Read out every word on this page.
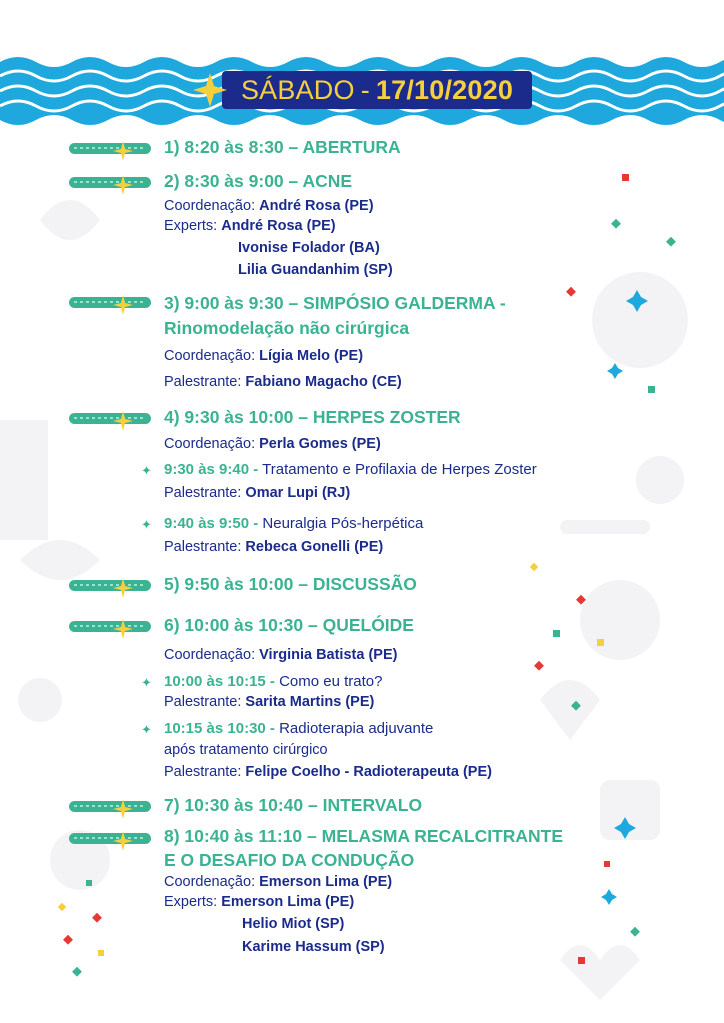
SÁBADO - 17/10/2020
1) 8:20 às 8:30 – ABERTURA
2) 8:30 às 9:00 – ACNE
Coordenação: André Rosa (PE)
Experts: André Rosa (PE)
Ivonise Folador (BA)
Lilia Guandanhim (SP)
3) 9:00 às 9:30 – SIMPÓSIO GALDERMA -
Rinomodelação não cirúrgica
Coordenação: Lígia Melo (PE)
Palestrante: Fabiano Magacho (CE)
4) 9:30 às 10:00 – HERPES ZOSTER
Coordenação: Perla Gomes (PE)
✦ 9:30 às 9:40 - Tratamento e Profilaxia de Herpes Zoster
Palestrante: Omar Lupi (RJ)
✦ 9:40 às 9:50 - Neuralgia Pós-herpética
Palestrante: Rebeca Gonelli (PE)
5) 9:50 às 10:00 – DISCUSSÃO
6) 10:00 às 10:30 – QUELÓIDE
Coordenação: Virginia Batista (PE)
✦ 10:00 às 10:15 - Como eu trato?
Palestrante: Sarita Martins (PE)
✦ 10:15 às 10:30 - Radioterapia adjuvante
após tratamento cirúrgico
Palestrante: Felipe Coelho - Radioterapeuta (PE)
7) 10:30 às 10:40 – INTERVALO
8) 10:40 às 11:10 – MELASMA RECALCITRANTE
E O DESAFIO DA CONDUÇÃO
Coordenação: Emerson Lima (PE)
Experts: Emerson Lima (PE)
Helio Miot (SP)
Karime Hassum (SP)
